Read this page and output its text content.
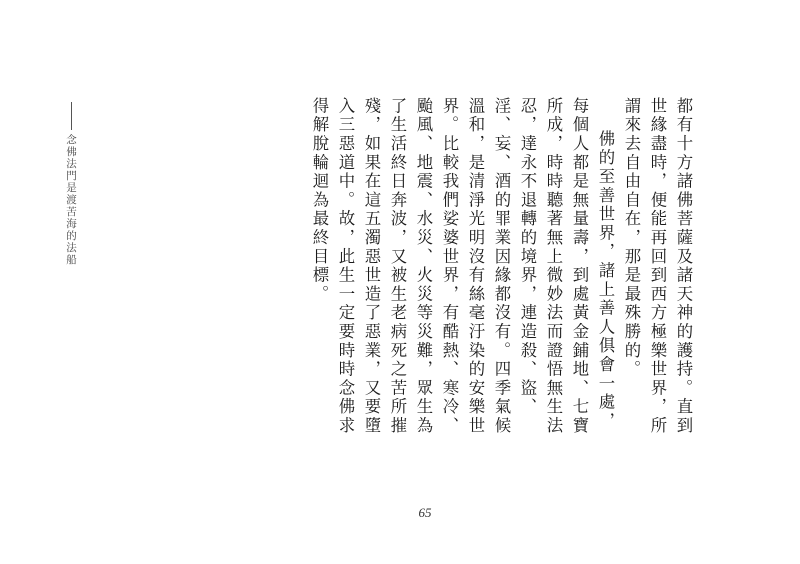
念佛法門是渡苦海的法船	都有十方諸佛菩薩及諸天神的護持。直到世緣盡時，便能再回到西方極樂世界，所謂來去自由自在，那是最殊勝的。

佛的至善世界，諸上善人俱會一處，每個人都是無量壽，到處黃金鋪地、七寶所成，時時聽著無上微妙法而證悟無生法忍，達永不退轉的境界，連造殺、盜、淫、妄、酒的罪業因緣都沒有。四季氣候溫和，是清淨光明沒有絲毫汙染的安樂世界。比較我們娑婆世界，有酷熱、寒冷、颱風、地震、水災、火災等災難，眾生為了生活終日奔波，又被生老病死之苦所摧殘，如果在這五濁惡世造了惡業，又要墮入三惡道中。故，此生一定要時時念佛求得解脫輪迴為最終目標。

65
